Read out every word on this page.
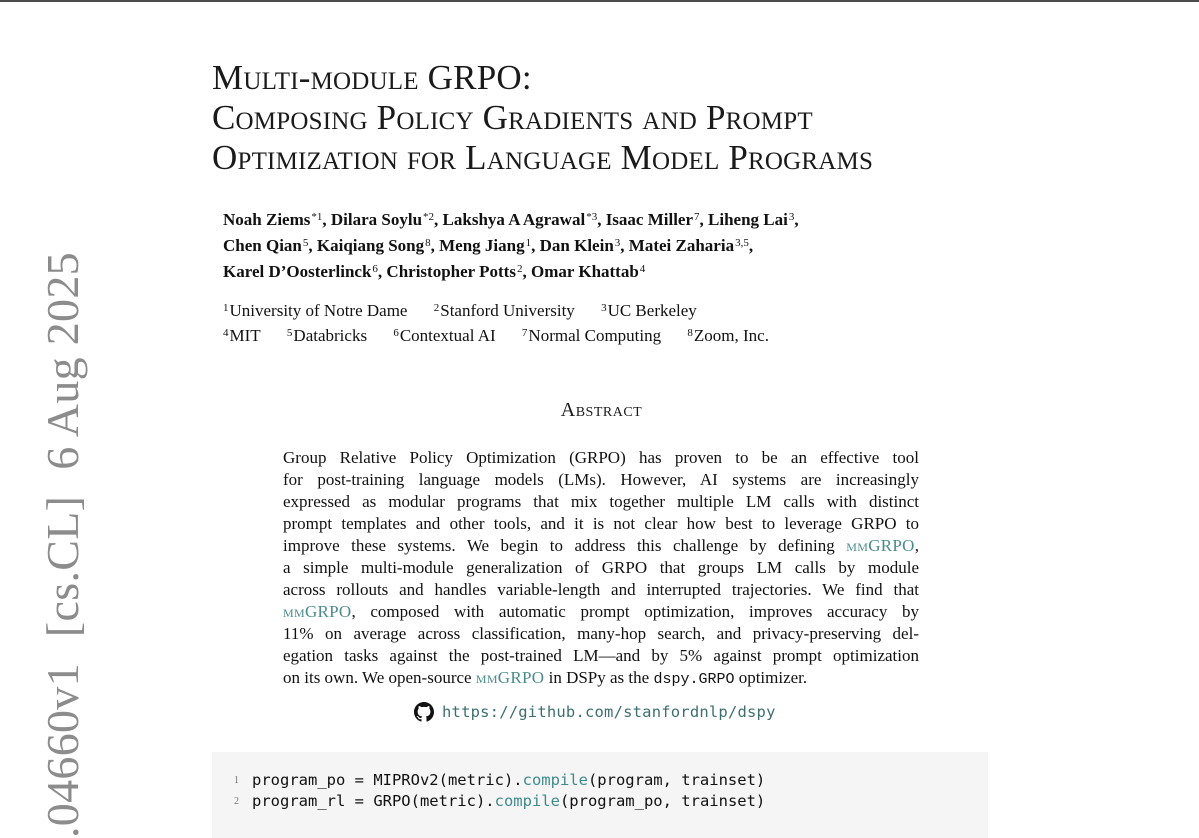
.04660v1[cs.CL]6 Aug 2025
Multi-module GRPO:
Composing Policy Gradients and Prompt
Optimization for Language Model Programs
Noah Ziems$^{*1}$, Dilara Soylu$^{*2}$, Lakshya A Agrawal$^{*3}$, Isaac Miller$^7$, Liheng Lai$^3$,
Chen Qian$^5$, Kaiqiang Song$^8$, Meng Jiang$^1$, Dan Klein$^3$, Matei Zaharia$^{3,5}$,
Karel D’Oosterlinck$^6$, Christopher Potts$^2$, Omar Khattab$^4$
$^1$University of Notre Dame $^2$Stanford University $^3$UC Berkeley
$^4$MIT $^5$Databricks $^6$Contextual AI $^7$Normal Computing $^8$Zoom, Inc.
Abstract
Group Relative Policy Optimization (GRPO) has proven to be an effective tool
for post-training language models (LMs). However, AI systems are increasingly
expressed as modular programs that mix together multiple LM calls with distinct
prompt templates and other tools, and it is not clear how best to leverage GRPO to
improve these systems. We begin to address this challenge by defining mmGRPO,
a simple multi-module generalization of GRPO that groups LM calls by module
across rollouts and handles variable-length and interrupted trajectories. We find that
mmGRPO, composed with automatic prompt optimization, improves accuracy by
11% on average across classification, many-hop search, and privacy-preserving del-
egation tasks against the post-trained LM—and by 5% against prompt optimization
on its own. We open-source mmGRPO in DSPy as the dspy.GRPO optimizer.
https://github.com/stanfordnlp/dspy
1 program_po = MIPROv2(metric).compile(program, trainset)
2 program_rl = GRPO(metric).compile(program_po, trainset)
